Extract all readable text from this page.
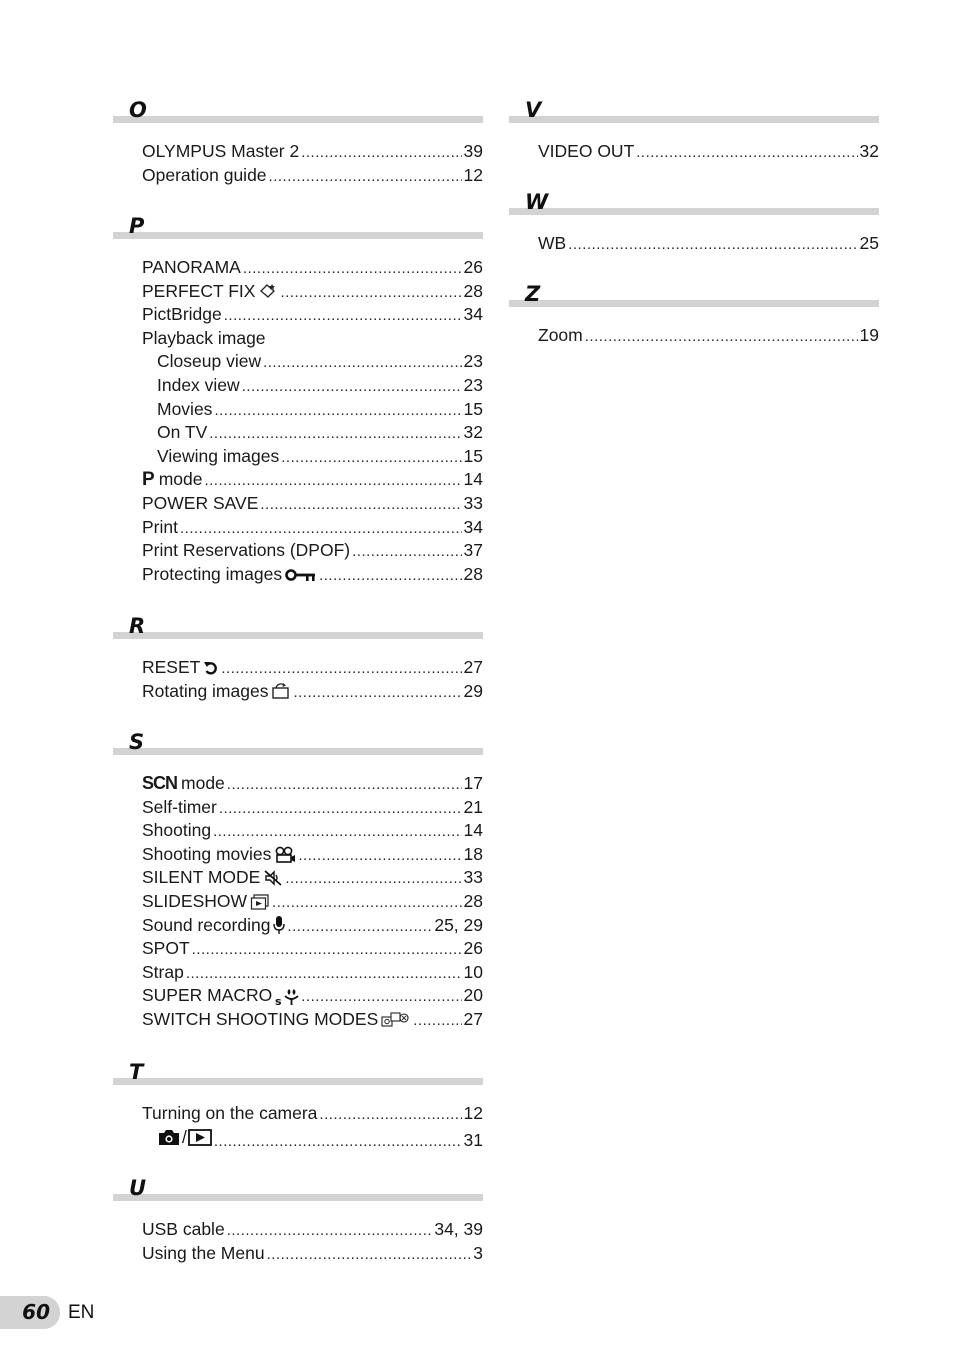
O
OLYMPUS Master 2 .....	39
Operation guide .....	12
P
PANORAMA .....	26
PERFECT FIX .....	28
PictBridge .....	34
Playback image
Closeup view .....	23
Index view .....	23
Movies .....	15
On TV .....	32
Viewing images .....	15
P mode .....	14
POWER SAVE .....	33
Print .....	34
Print Reservations (DPOF) .....	37
Protecting images .....	28
R
RESET .....	27
Rotating images .....	29
S
SCN mode .....	17
Self-timer .....	21
Shooting .....	14
Shooting movies .....	18
SILENT MODE .....	33
SLIDESHOW .....	28
Sound recording .....	25, 29
SPOT .....	26
Strap .....	10
SUPER MACRO s .....	20
SWITCH SHOOTING MODES .....	27
T
Turning on the camera .....	12
/ .....	31
U
USB cable .....	34, 39
Using the Menu .....	3
V
VIDEO OUT .....	32
W
WB .....	25
Z
Zoom .....	19
60 EN
